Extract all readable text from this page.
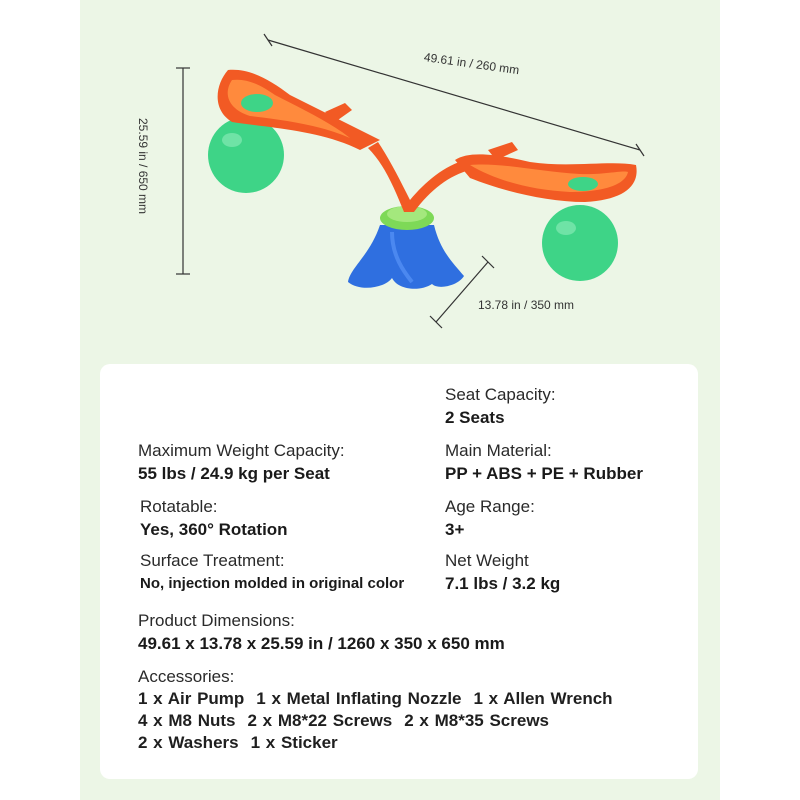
49.61 in / 260 mm
25.59 in / 650 mm
13.78 in / 350 mm
Seat Capacity:
2 Seats
Maximum Weight Capacity:
55 lbs / 24.9 kg per Seat
Main Material:
PP + ABS + PE + Rubber
Rotatable:
Yes, 360° Rotation
Age Range:
3+
Surface Treatment:
No, injection molded in original color
Net Weight
7.1 lbs / 3.2 kg
Product Dimensions:
49.61 x 13.78 x 25.59 in / 1260 x 350 x 650 mm
Accessories:
1 x Air Pump 1 x Metal Inflating Nozzle 1 x Allen Wrench
4 x M8 Nuts 2 x M8*22 Screws 2 x M8*35 Screws
2 x Washers 1 x Sticker
